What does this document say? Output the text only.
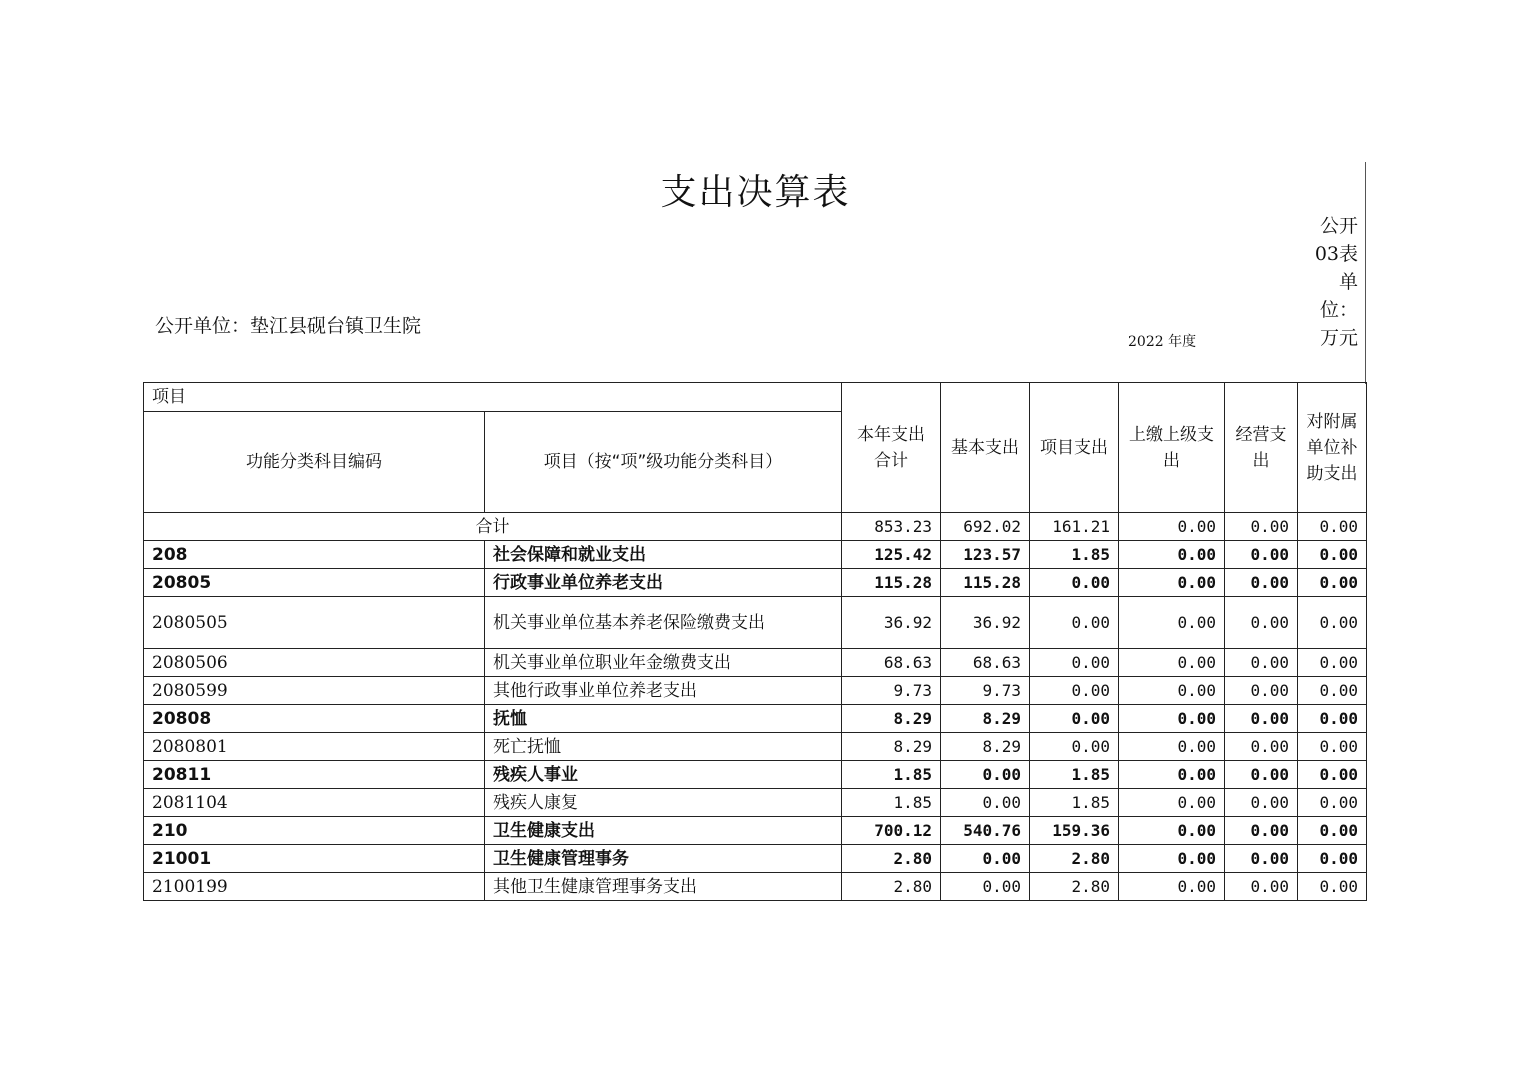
支出决算表
公开03表单位：万元
公开单位：垫江县砚台镇卫生院
2022 年度
项目		本年支出合计	基本支出	项目支出	上缴上级支出	经营支出	对附属单位补助支出
功能分类科目编码	项目（按“项”级功能分类科目）						
合计		853.23	692.02	161.21	0.00	0.00	0.00
208	社会保障和就业支出	125.42	123.57	1.85	0.00	0.00	0.00
20805	行政事业单位养老支出	115.28	115.28	0.00	0.00	0.00	0.00
2080505	机关事业单位基本养老保险缴费支出	36.92	36.92	0.00	0.00	0.00	0.00
2080506	机关事业单位职业年金缴费支出	68.63	68.63	0.00	0.00	0.00	0.00
2080599	其他行政事业单位养老支出	9.73	9.73	0.00	0.00	0.00	0.00
20808	抚恤	8.29	8.29	0.00	0.00	0.00	0.00
2080801	死亡抚恤	8.29	8.29	0.00	0.00	0.00	0.00
20811	残疾人事业	1.85	0.00	1.85	0.00	0.00	0.00
2081104	残疾人康复	1.85	0.00	1.85	0.00	0.00	0.00
210	卫生健康支出	700.12	540.76	159.36	0.00	0.00	0.00
21001	卫生健康管理事务	2.80	0.00	2.80	0.00	0.00	0.00
2100199	其他卫生健康管理事务支出	2.80	0.00	2.80	0.00	0.00	0.00
